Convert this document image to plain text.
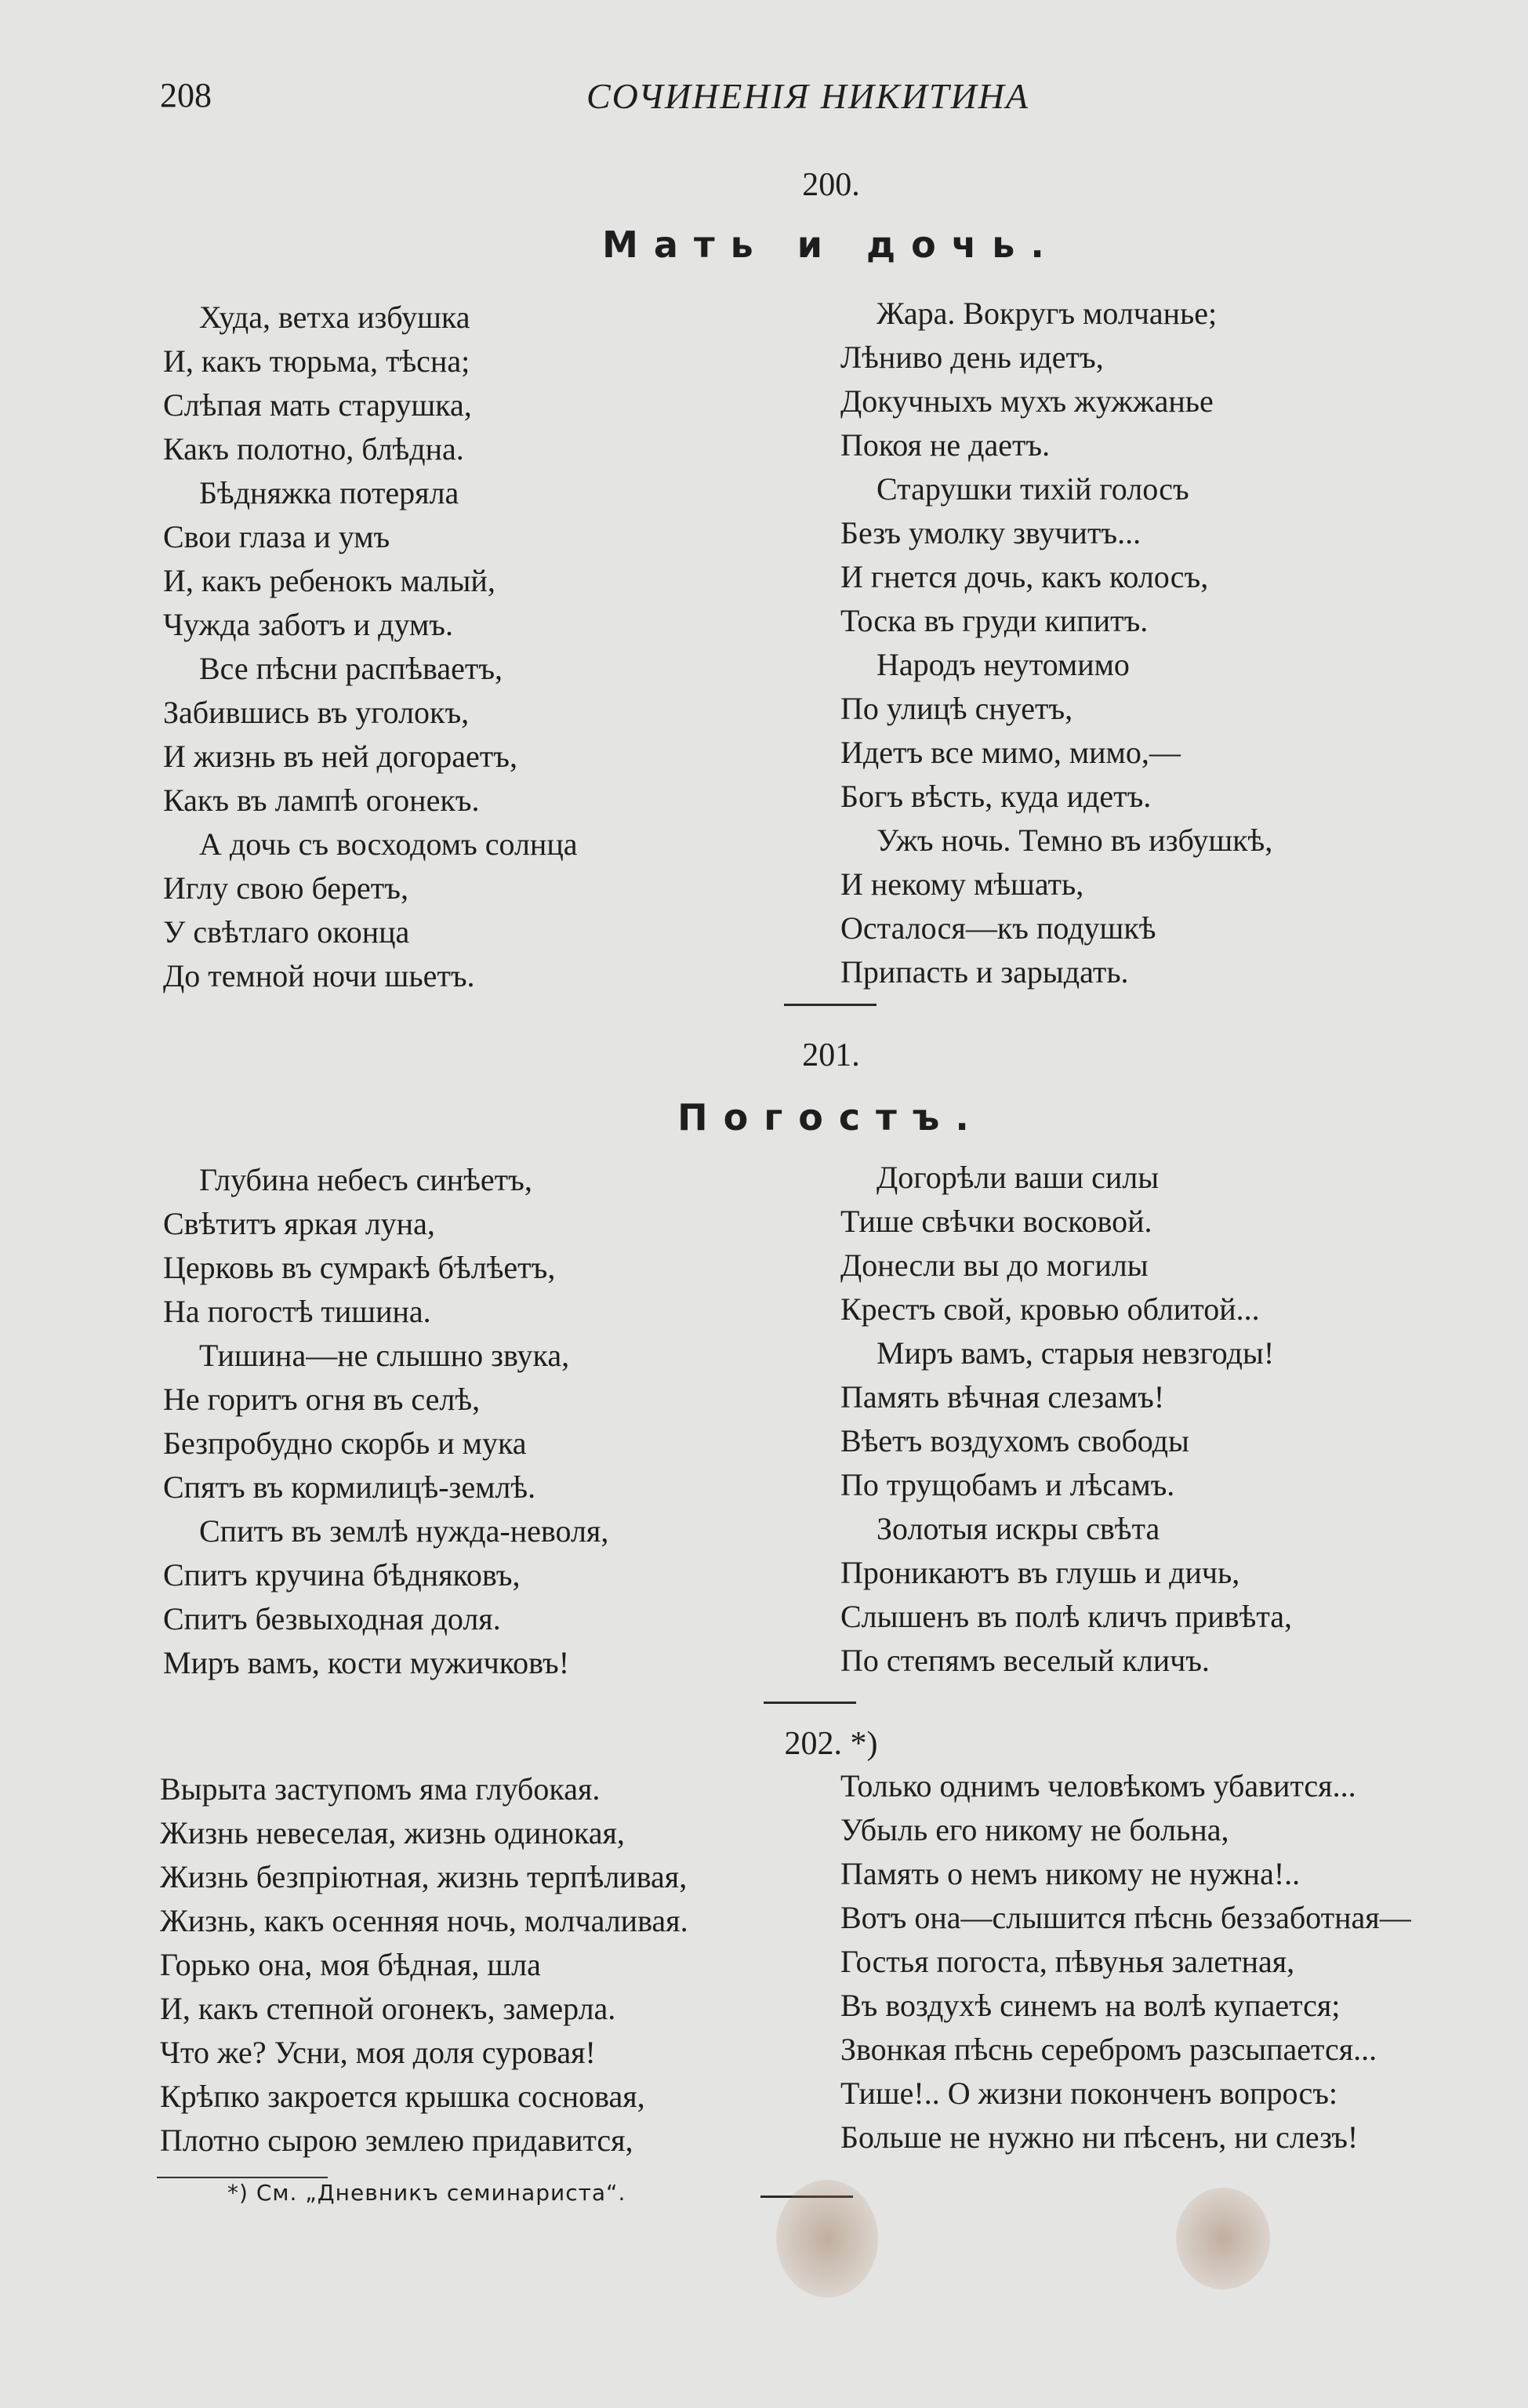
208	СОЧИНЕНІЯ НИКИТИНА
200.
Мать и дочь.
Худа, ветха избушка
И, какъ тюрьма, тѣсна;
Слѣпая мать старушка,
Какъ полотно, блѣдна.
Бѣдняжка потеряла
Свои глаза и умъ
И, какъ ребенокъ малый,
Чужда заботъ и думъ.
Все пѣсни распѣваетъ,
Забившись въ уголокъ,
И жизнь въ ней догораетъ,
Какъ въ лампѣ огонекъ.
А дочь съ восходомъ солнца
Иглу свою беретъ,
У свѣтлаго оконца
До темной ночи шьетъ.
Жара. Вокругъ молчанье;
Лѣниво день идетъ,
Докучныхъ мухъ жужжанье
Покоя не даетъ.
Старушки тихій голосъ
Безъ умолку звучитъ...
И гнется дочь, какъ колосъ,
Тоска въ груди кипитъ.
Народъ неутомимо
По улицѣ снуетъ,
Идетъ все мимо, мимо,—
Богъ вѣсть, куда идетъ.
Ужъ ночь. Темно въ избушкѣ,
И некому мѣшать,
Осталося—къ подушкѣ
Припасть и зарыдать.
201.
Погостъ.
Глубина небесъ синѣетъ,
Свѣтитъ яркая луна,
Церковь въ сумракѣ бѣлѣетъ,
На погостѣ тишина.
Тишина—не слышно звука,
Не горитъ огня въ селѣ,
Безпробудно скорбь и мука
Спятъ въ кормилицѣ-землѣ.
Спитъ въ землѣ нужда-неволя,
Спитъ кручина бѣдняковъ,
Спитъ безвыходная доля.
Миръ вамъ, кости мужичковъ!
Догорѣли ваши силы
Тише свѣчки восковой.
Донесли вы до могилы
Крестъ свой, кровью облитой...
Миръ вамъ, старыя невзгоды!
Память вѣчная слезамъ!
Вѣетъ воздухомъ свободы
По трущобамъ и лѣсамъ.
Золотыя искры свѣта
Проникаютъ въ глушь и дичь,
Слышенъ въ полѣ кличъ привѣта,
По степямъ веселый кличъ.
202. *)
Вырыта заступомъ яма глубокая.
Жизнь невеселая, жизнь одинокая,
Жизнь безпріютная, жизнь терпѣливая,
Жизнь, какъ осенняя ночь, молчаливая.
Горько она, моя бѣдная, шла
И, какъ степной огонекъ, замерла.
Что же? Усни, моя доля суровая!
Крѣпко закроется крышка сосновая,
Плотно сырою землею придавится,
Только однимъ человѣкомъ убавится...
Убыль его никому не больна,
Память о немъ никому не нужна!..
Вотъ она—слышится пѣснь беззаботная—
Гостья погоста, пѣвунья залетная,
Въ воздухѣ синемъ на волѣ купается;
Звонкая пѣснь серебромъ разсыпается...
Тише!.. О жизни поконченъ вопросъ:
Больше не нужно ни пѣсенъ, ни слезъ!
*) См. „Дневникъ семинариста“.
